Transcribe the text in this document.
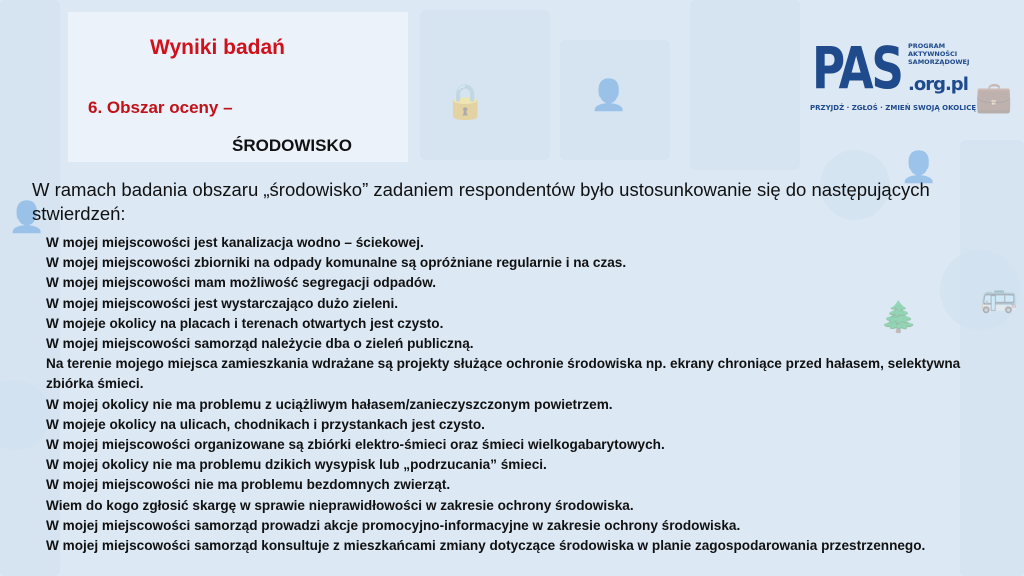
Wyniki badań
6. Obszar oceny –
ŚRODOWISKO
PAS PROGRAM
AKTYWNOŚCI
SAMORZĄDOWEJ
.org.pl
PRZYJDŹ · ZGŁOŚ · ZMIEŃ SWOJĄ OKOLICĘ

W ramach badania obszaru „środowisko” zadaniem respondentów było ustosunkowanie się do następujących stwierdzeń:

W mojej miejscowości jest kanalizacja wodno – ściekowej.
W mojej miejscowości zbiorniki na odpady komunalne są opróżniane regularnie i na czas.
W mojej miejscowości mam możliwość segregacji odpadów.
W mojej miejscowości jest wystarczająco dużo zieleni.
W mojeje okolicy na placach i terenach otwartych jest czysto.
W mojej miejscowości samorząd należycie dba o zieleń publiczną.
Na terenie mojego miejsca zamieszkania wdrażane są projekty służące ochronie środowiska np. ekrany chroniące przed hałasem, selektywna zbiórka śmieci.
W mojej okolicy nie ma problemu z uciążliwym hałasem/zanieczyszczonym powietrzem.
W mojeje okolicy na ulicach, chodnikach i przystankach jest czysto.
W mojej miejscowości organizowane są zbiórki elektro-śmieci oraz śmieci wielkogabarytowych.
W mojej okolicy nie ma problemu dzikich wysypisk lub „podrzucania” śmieci.
W mojej miejscowości nie ma problemu bezdomnych zwierząt.
Wiem do kogo zgłosić skargę w sprawie nieprawidłowości w zakresie ochrony środowiska.
W mojej miejscowości samorząd prowadzi akcje promocyjno-informacyjne w zakresie ochrony środowiska.
W mojej miejscowości samorząd konsultuje z mieszkańcami zmiany dotyczące środowiska w planie zagospodarowania przestrzennego.
